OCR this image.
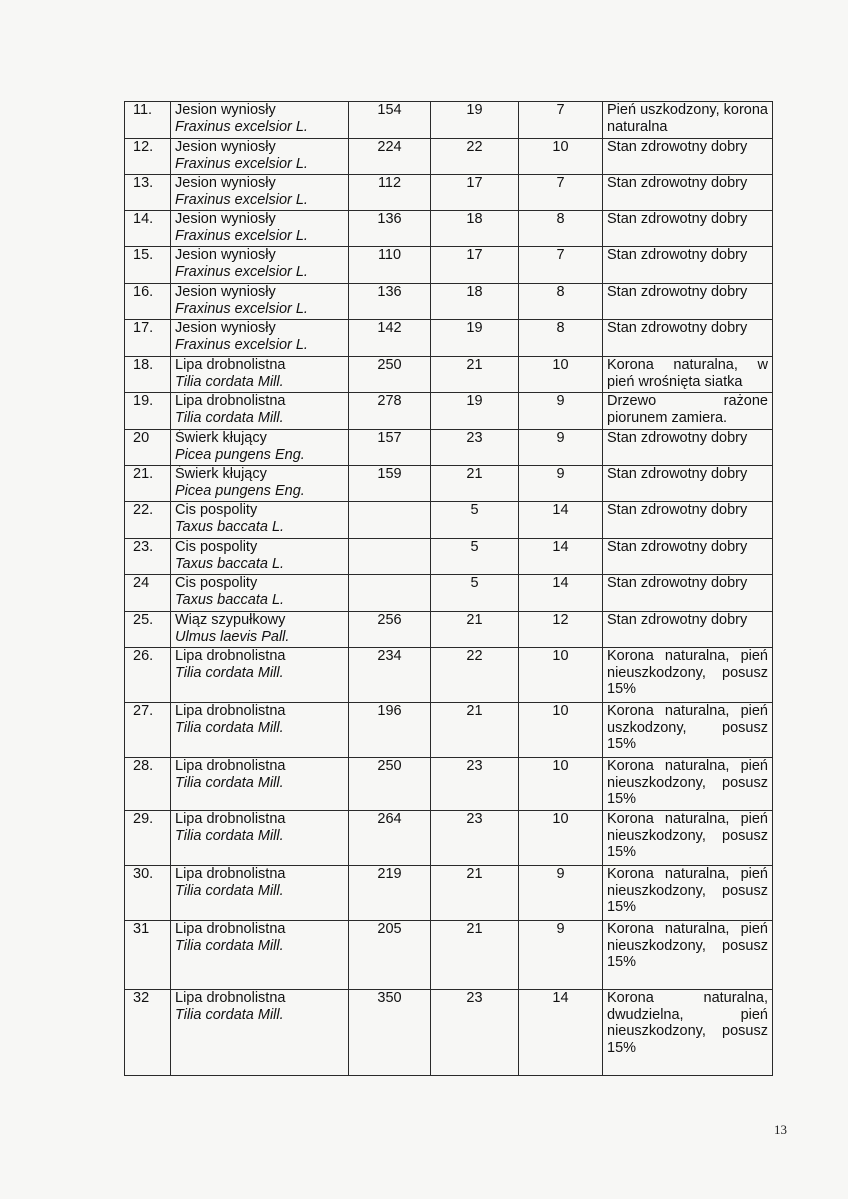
11.	Jesion wyniosły
Fraxinus excelsior L.	154	19	7	Pień uszkodzony, korona naturalna
12.	Jesion wyniosły
Fraxinus excelsior L.	224	22	10	Stan zdrowotny dobry
13.	Jesion wyniosły
Fraxinus excelsior L.	112	17	7	Stan zdrowotny dobry
14.	Jesion wyniosły
Fraxinus excelsior L.	136	18	8	Stan zdrowotny dobry
15.	Jesion wyniosły
Fraxinus excelsior L.	110	17	7	Stan zdrowotny dobry
16.	Jesion wyniosły
Fraxinus excelsior L.	136	18	8	Stan zdrowotny dobry
17.	Jesion wyniosły
Fraxinus excelsior L.	142	19	8	Stan zdrowotny dobry
18.	Lipa drobnolistna
Tilia cordata Mill.	250	21	10	Korona naturalna, w pień wrośnięta siatka
19.	Lipa drobnolistna
Tilia cordata Mill.	278	19	9	Drzewo rażone piorunem zamiera.
20	Świerk kłujący
Picea pungens Eng.	157	23	9	Stan zdrowotny dobry
21.	Świerk kłujący
Picea pungens Eng.	159	21	9	Stan zdrowotny dobry
22.	Cis pospolity
Taxus baccata L.		5	14	Stan zdrowotny dobry
23.	Cis pospolity
Taxus baccata L.		5	14	Stan zdrowotny dobry
24	Cis pospolity
Taxus baccata L.		5	14	Stan zdrowotny dobry
25.	Wiąz szypułkowy
Ulmus laevis Pall.	256	21	12	Stan zdrowotny dobry
26.	Lipa drobnolistna
Tilia cordata Mill.	234	22	10	Korona naturalna, pień nieuszkodzony, posusz 15%
27.	Lipa drobnolistna
Tilia cordata Mill.	196	21	10	Korona naturalna, pień uszkodzony, posusz 15%
28.	Lipa drobnolistna
Tilia cordata Mill.	250	23	10	Korona naturalna, pień nieuszkodzony, posusz 15%
29.	Lipa drobnolistna
Tilia cordata Mill.	264	23	10	Korona naturalna, pień nieuszkodzony, posusz 15%
30.	Lipa drobnolistna
Tilia cordata Mill.	219	21	9	Korona naturalna, pień nieuszkodzony, posusz 15%
31	Lipa drobnolistna
Tilia cordata Mill.	205	21	9	Korona naturalna, pień nieuszkodzony, posusz 15%
32	Lipa drobnolistna
Tilia cordata Mill.	350	23	14	Korona naturalna, dwudzielna, pień nieuszkodzony, posusz 15%
13
